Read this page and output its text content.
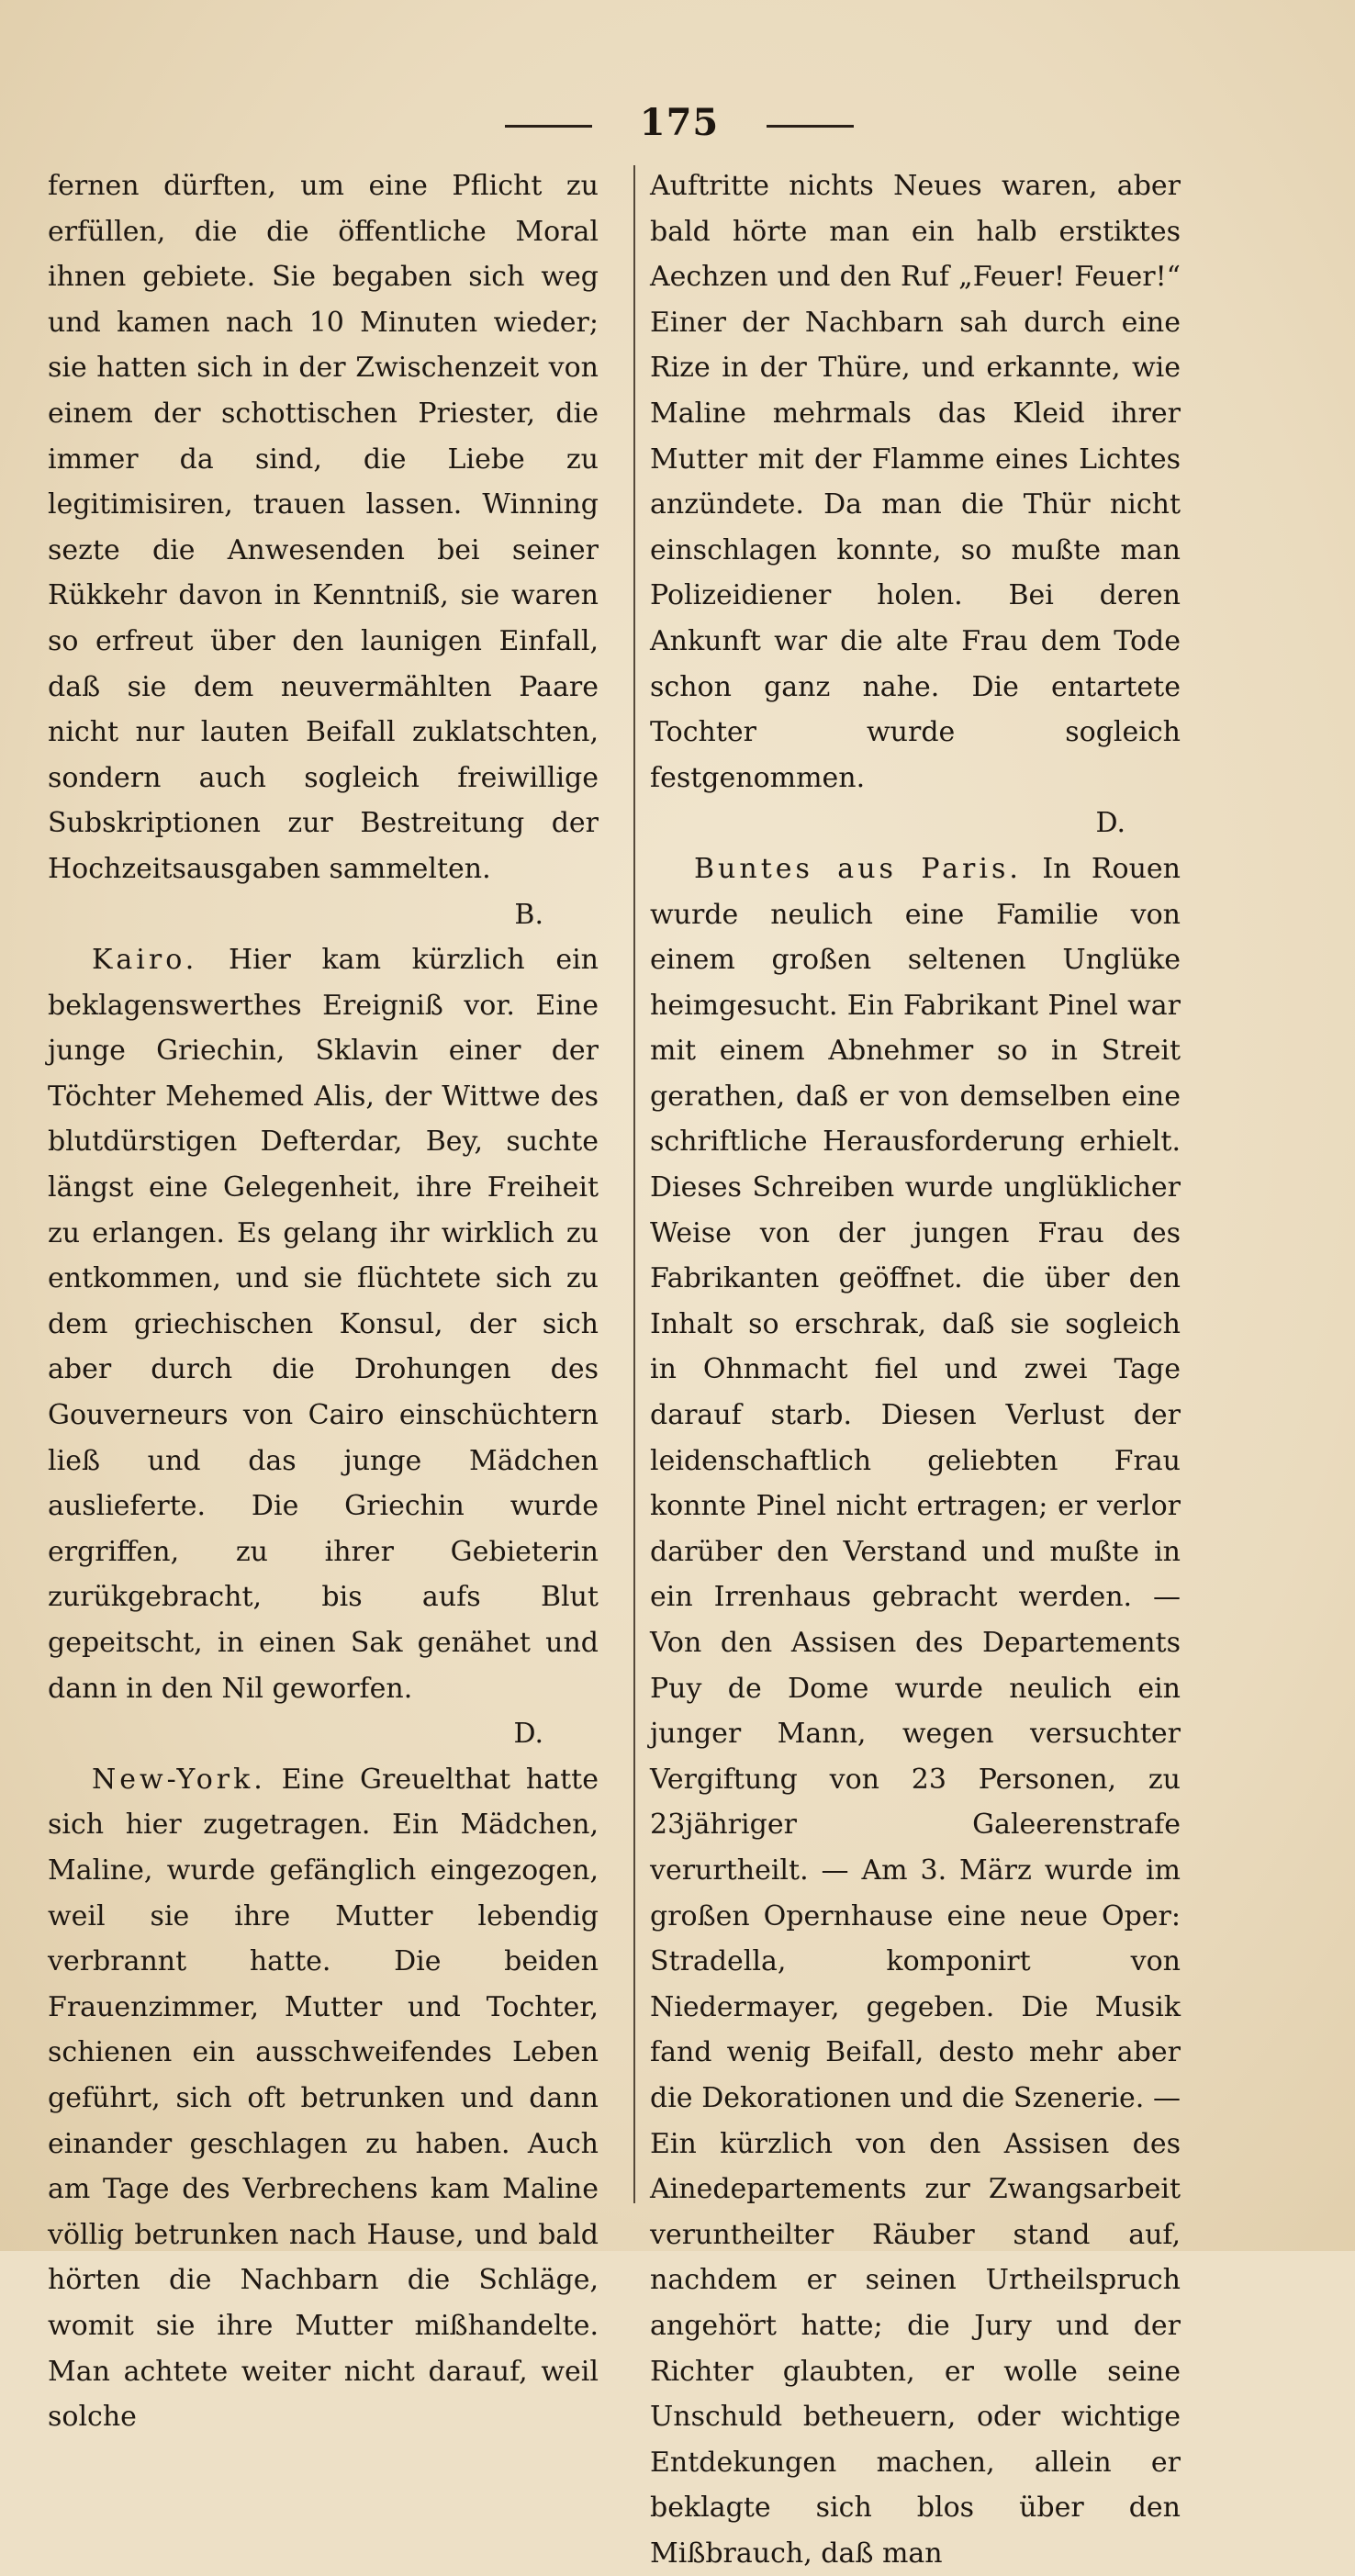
175

fernen dürften, um eine Pflicht zu erfüllen, die die öffentliche Moral ihnen gebiete. Sie begaben sich weg und kamen nach 10 Minuten wieder; sie hatten sich in der Zwischenzeit von einem der schottischen Priester, die immer da sind, die Liebe zu legitimisiren, trauen lassen. Winning sezte die Anwesenden bei seiner Rükkehr davon in Kenntniß, sie waren so erfreut über den launigen Einfall, daß sie dem neuvermählten Paare nicht nur lauten Beifall zuklatschten, sondern auch sogleich freiwillige Subskriptionen zur Bestreitung der Hochzeitsausgaben sammelten.
B.

Kairo. Hier kam kürzlich ein beklagenswerthes Ereigniß vor. Eine junge Griechin, Sklavin einer der Töchter Mehemed Alis, der Wittwe des blutdürstigen Defterdar, Bey, suchte längst eine Gelegenheit, ihre Freiheit zu erlangen. Es gelang ihr wirklich zu entkommen, und sie flüchtete sich zu dem griechischen Konsul, der sich aber durch die Drohungen des Gouverneurs von Cairo einschüchtern ließ und das junge Mädchen auslieferte. Die Griechin wurde ergriffen, zu ihrer Gebieterin zurükgebracht, bis aufs Blut gepeitscht, in einen Sak genähet und dann in den Nil geworfen.
D.

New-York. Eine Greuelthat hatte sich hier zugetragen. Ein Mädchen, Maline, wurde gefänglich eingezogen, weil sie ihre Mutter lebendig verbrannt hatte. Die beiden Frauenzimmer, Mutter und Tochter, schienen ein ausschweifendes Leben geführt, sich oft betrunken und dann einander geschlagen zu haben. Auch am Tage des Verbrechens kam Maline völlig betrunken nach Hause, und bald hörten die Nachbarn die Schläge, womit sie ihre Mutter mißhandelte. Man achtete weiter nicht darauf, weil solche

Auftritte nichts Neues waren, aber bald hörte man ein halb erstiktes Aechzen und den Ruf „Feuer! Feuer!“ Einer der Nachbarn sah durch eine Rize in der Thüre, und erkannte, wie Maline mehrmals das Kleid ihrer Mutter mit der Flamme eines Lichtes anzündete. Da man die Thür nicht einschlagen konnte, so mußte man Polizeidiener holen. Bei deren Ankunft war die alte Frau dem Tode schon ganz nahe. Die entartete Tochter wurde sogleich festgenommen.
D.

Buntes aus Paris. In Rouen wurde neulich eine Familie von einem großen seltenen Unglüke heimgesucht. Ein Fabrikant Pinel war mit einem Abnehmer so in Streit gerathen, daß er von demselben eine schriftliche Herausforderung erhielt. Dieses Schreiben wurde unglüklicher Weise von der jungen Frau des Fabrikanten geöffnet. die über den Inhalt so erschrak, daß sie sogleich in Ohnmacht fiel und zwei Tage darauf starb. Diesen Verlust der leidenschaftlich geliebten Frau konnte Pinel nicht ertragen; er verlor darüber den Verstand und mußte in ein Irrenhaus gebracht werden. — Von den Assisen des Departements Puy de Dome wurde neulich ein junger Mann, wegen versuchter Vergiftung von 23 Personen, zu 23jähriger Galeerenstrafe verurtheilt. — Am 3. März wurde im großen Opernhause eine neue Oper: Stradella, komponirt von Niedermayer, gegeben. Die Musik fand wenig Beifall, desto mehr aber die Dekorationen und die Szenerie. — Ein kürzlich von den Assisen des Ainedepartements zur Zwangsarbeit veruntheilter Räuber stand auf, nachdem er seinen Urtheilspruch angehört hatte; die Jury und der Richter glaubten, er wolle seine Unschuld betheuern, oder wichtige Entdekungen machen, allein er beklagte sich blos über den Mißbrauch, daß man
